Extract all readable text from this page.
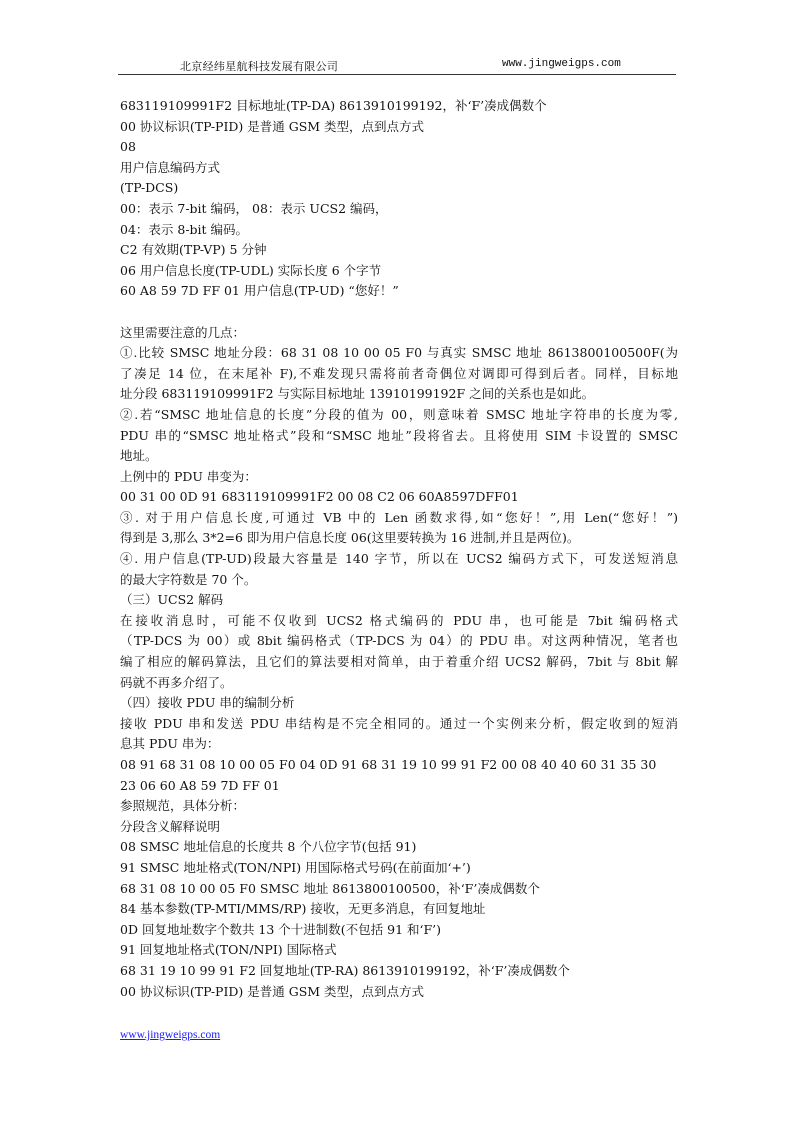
北京经纬星航科技发展有限公司	www.jingweigps.com
683119109991F2 目标地址(TP-DA) 8613910199192，补‘F’凑成偶数个
00 协议标识(TP-PID) 是普通 GSM 类型，点到点方式
08
用户信息编码方式
(TP-DCS)
00：表示 7-bit 编码， 08：表示 UCS2 编码，
04：表示 8-bit 编码。
C2 有效期(TP-VP) 5 分钟
06 用户信息长度(TP-UDL) 实际长度 6 个字节
60 A8 59 7D FF 01 用户信息(TP-UD) “您好！”
这里需要注意的几点：
①.比较 SMSC 地址分段：68 31 08 10 00 05 F0 与真实 SMSC 地址 8613800100500F(为
了凑足 14 位，在末尾补 F),不难发现只需将前者奇偶位对调即可得到后者。同样，目标地
址分段 683119109991F2 与实际目标地址 13910199192F 之间的关系也是如此。
②.若“SMSC 地址信息的长度”分段的值为 00，则意味着 SMSC 地址字符串的长度为零,
PDU 串的“SMSC 地址格式”段和“SMSC 地址”段将省去。且将使用 SIM 卡设置的 SMSC
地址。
上例中的 PDU 串变为：
00 31 00 0D 91 683119109991F2 00 08 C2 06 60A8597DFF01
③. 对于用户信息长度,可通过 VB 中的 Len 函数求得,如“您好！”,用 Len(“您好！”)
得到是 3,那么 3*2=6 即为用户信息长度 06(这里要转换为 16 进制,并且是两位)。
④. 用户信息(TP-UD)段最大容量是 140 字节，所以在 UCS2 编码方式下，可发送短消息
的最大字符数是 70 个。
（三）UCS2 解码
在接收消息时，可能不仅收到 UCS2 格式编码的 PDU 串，也可能是 7bit 编码格式
（TP-DCS 为 00）或 8bit 编码格式（TP-DCS 为 04）的 PDU 串。对这两种情况，笔者也
编了相应的解码算法，且它们的算法要相对简单，由于着重介绍 UCS2 解码，7bit 与 8bit 解
码就不再多介绍了。
（四）接收 PDU 串的编制分析
接收 PDU 串和发送 PDU 串结构是不完全相同的。通过一个实例来分析，假定收到的短消
息其 PDU 串为：
08 91 68 31 08 10 00 05 F0 04 0D 91 68 31 19 10 99 91 F2 00 08 40 40 60 31 35 30
23 06 60 A8 59 7D FF 01
参照规范，具体分析：
分段含义解释说明
08 SMSC 地址信息的长度共 8 个八位字节(包括 91)
91 SMSC 地址格式(TON/NPI) 用国际格式号码(在前面加‘+’)
68 31 08 10 00 05 F0 SMSC 地址 8613800100500，补‘F’凑成偶数个
84 基本参数(TP-MTI/MMS/RP) 接收，无更多消息，有回复地址
0D 回复地址数字个数共 13 个十进制数(不包括 91 和‘F’)
91 回复地址格式(TON/NPI) 国际格式
68 31 19 10 99 91 F2 回复地址(TP-RA) 8613910199192，补‘F’凑成偶数个
00 协议标识(TP-PID) 是普通 GSM 类型，点到点方式
www.jingweigps.com
